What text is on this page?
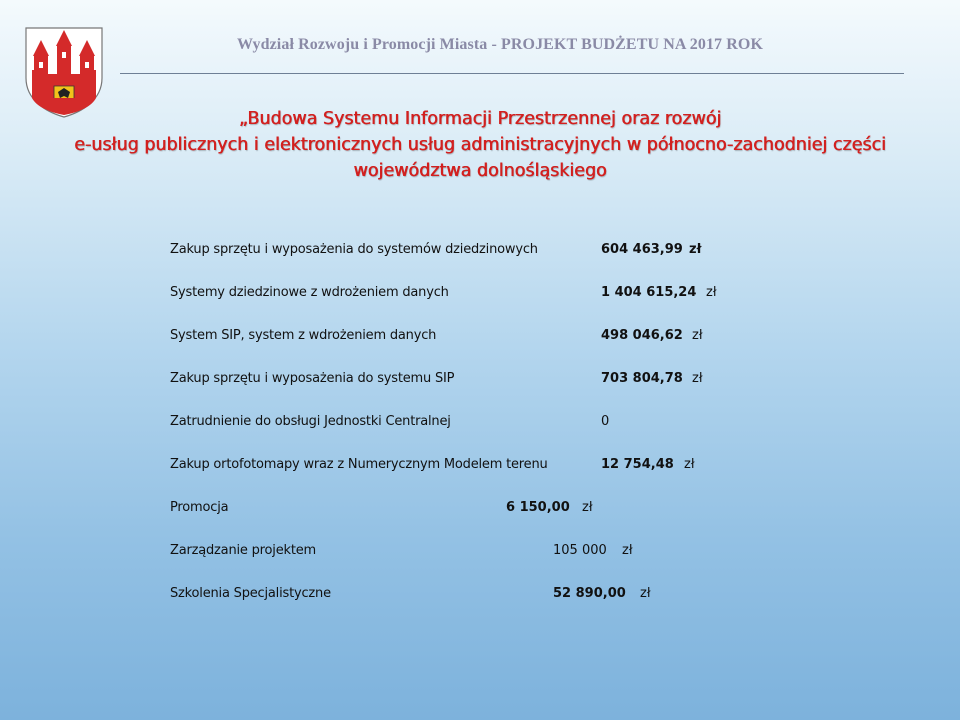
Wydział Rozwoju i Promocji Miasta - PROJEKT BUDŻETU NA 2017 ROK
„Budowa Systemu Informacji Przestrzennej oraz rozwój
e-usług publicznych i elektronicznych usług administracyjnych w północno-zachodniej części
województwa dolnośląskiego
Zakup sprzętu i wyposażenia do systemów dziedzinowych	604 463,99 zł
Systemy dziedzinowe z wdrożeniem danych	1 404 615,24 zł
System SIP, system z wdrożeniem danych	498 046,62 zł
Zakup sprzętu i wyposażenia do systemu SIP	703 804,78 zł
Zatrudnienie do obsługi Jednostki Centralnej	0
Zakup ortofotomapy wraz z Numerycznym Modelem terenu	12 754,48 zł
Promocja	6 150,00 zł
Zarządzanie projektem	105 000 zł
Szkolenia Specjalistyczne	52 890,00 zł
